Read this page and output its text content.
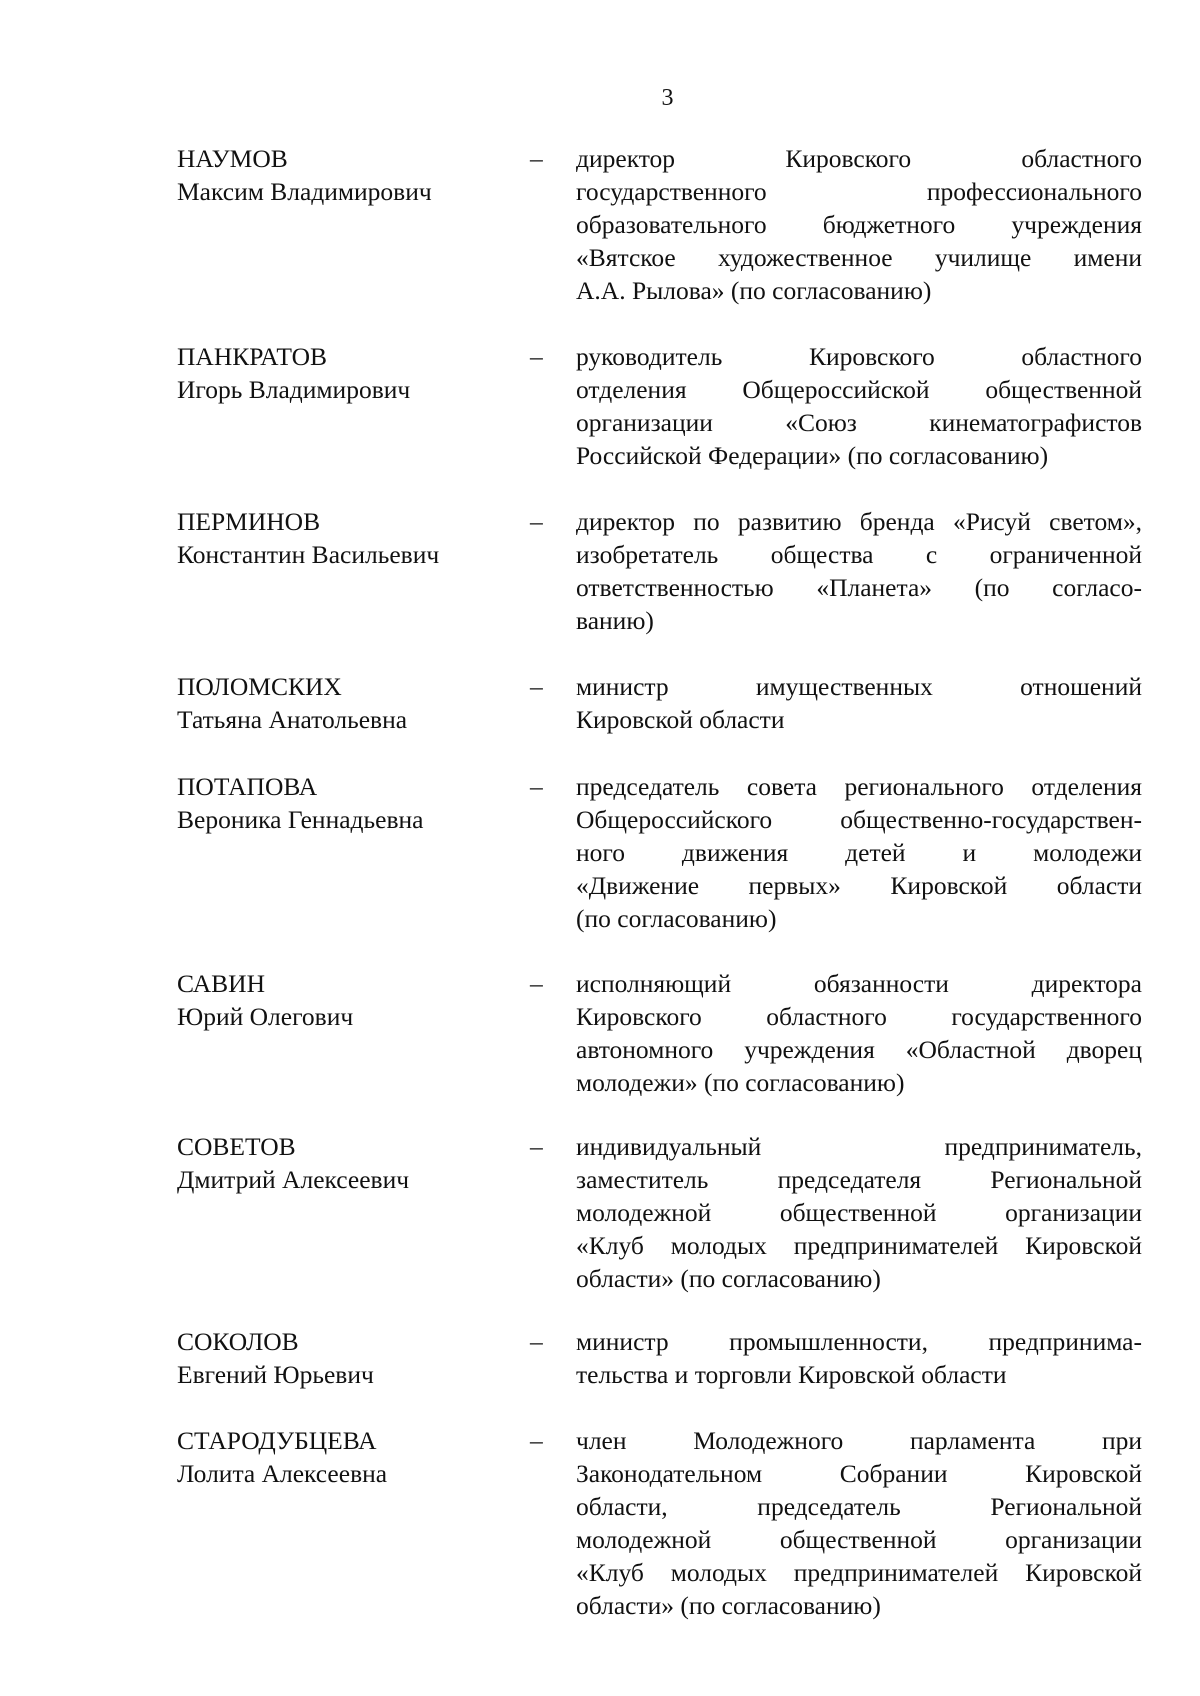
3
НАУМОВ
Максим Владимирович
– директор Кировского областного
государственного профессионального
образовательного бюджетного учреждения
«Вятское художественное училище имени
А.А. Рылова» (по согласованию)
ПАНКРАТОВ
Игорь Владимирович
– руководитель Кировского областного
отделения Общероссийской общественной
организации «Союз кинематографистов
Российской Федерации» (по согласованию)
ПЕРМИНОВ
Константин Васильевич
– директор по развитию бренда «Рисуй светом»,
изобретатель общества с ограниченной
ответственностью «Планета» (по согласо-
ванию)
ПОЛОМСКИХ
Татьяна Анатольевна
– министр имущественных отношений
Кировской области
ПОТАПОВА
Вероника Геннадьевна
– председатель совета регионального отделения
Общероссийского общественно-государствен-
ного движения детей и молодежи
«Движение первых» Кировской области
(по согласованию)
САВИН
Юрий Олегович
– исполняющий обязанности директора
Кировского областного государственного
автономного учреждения «Областной дворец
молодежи» (по согласованию)
СОВЕТОВ
Дмитрий Алексеевич
– индивидуальный предприниматель,
заместитель председателя Региональной
молодежной общественной организации
«Клуб молодых предпринимателей Кировской
области» (по согласованию)
СОКОЛОВ
Евгений Юрьевич
– министр промышленности, предпринима-
тельства и торговли Кировской области
СТАРОДУБЦЕВА
Лолита Алексеевна
– член Молодежного парламента при
Законодательном Собрании Кировской
области, председатель Региональной
молодежной общественной организации
«Клуб молодых предпринимателей Кировской
области» (по согласованию)
